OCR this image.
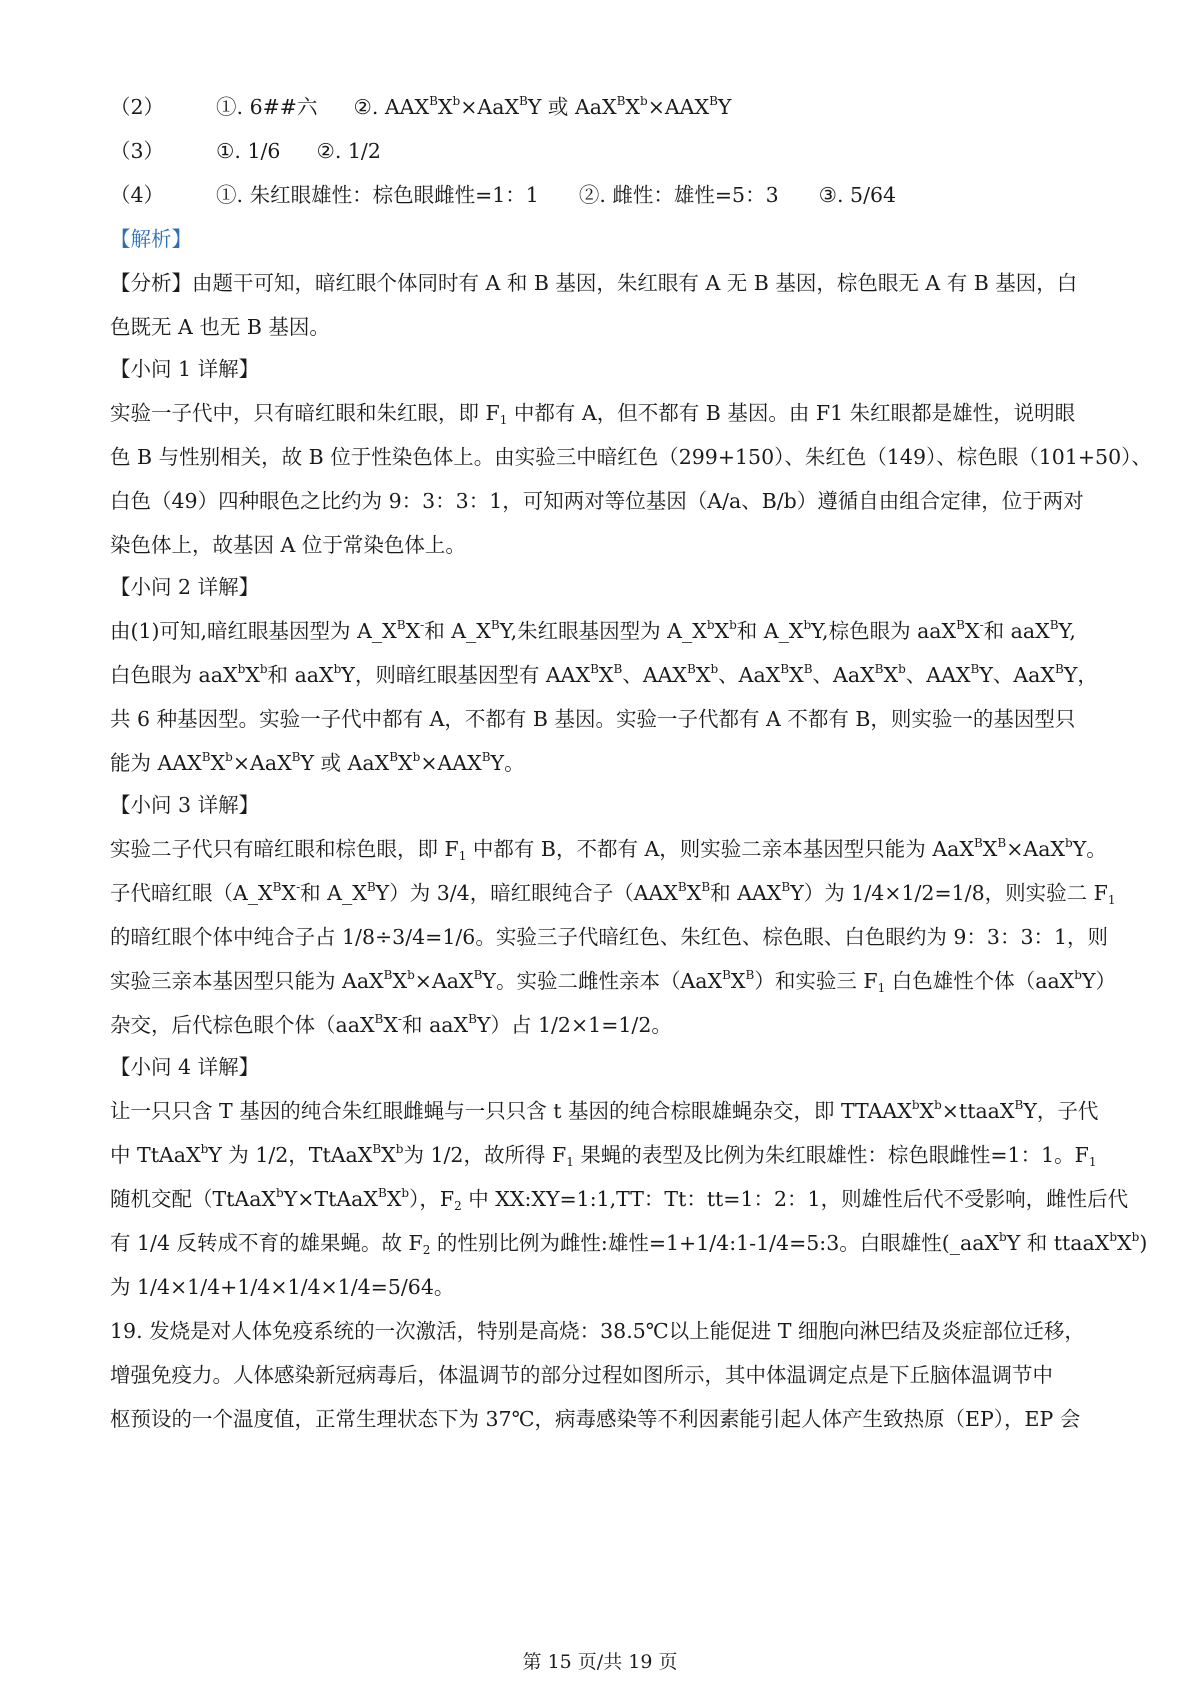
（2）	①. 6##六 ②. $AAX^BX^b\times AaX^BY$ 或 $AaX^BX^b\times AAX^BY$
（3）	①. 1/6 ②. 1/2
（4）	①. 朱红眼雄性：棕色眼雌性=1：1 ②. 雌性：雄性=5：3 ③. 5/64
【解析】
【分析】由题干可知，暗红眼个体同时有 A 和 B 基因，朱红眼有 A 无 B 基因，棕色眼无 A 有 B 基因，白
色既无 A 也无 B 基因。
【小问 1 详解】
实验一子代中，只有暗红眼和朱红眼，即 $F_1$ 中都有 A，但不都有 B 基因。由 F1 朱红眼都是雄性，说明眼
色 B 与性别相关，故 B 位于性染色体上。由实验三中暗红色（299+150）、朱红色（149）、棕色眼（101+50）、
白色（49）四种眼色之比约为 9：3：3：1，可知两对等位基因（A/a、B/b）遵循自由组合定律，位于两对
染色体上，故基因 A 位于常染色体上。
【小问 2 详解】
由(1)可知,暗红眼基因型为 $A\_X^BX^-$和 $A\_X^BY$,朱红眼基因型为 $A\_X^bX^b$和 $A\_X^bY$,棕色眼为 aaX$^B$X-和 aaX$^B$Y,
白色眼为 $aaX^bX^b$和 aaX$^b$Y，则暗红眼基因型有 $AAX^BX^B$、$AAX^BX^b$、$AaX^BX^B$、$AaX^BX^b$、$AAX^BY$、AaX$^B$Y，
共 6 种基因型。实验一子代中都有 A，不都有 B 基因。实验一子代都有 A 不都有 B，则实验一的基因型只
能为 $AAX^BX^b\times AaX^BY$ 或 $AaX^BX^b\times AAX^BY$。
【小问 3 详解】
实验二子代只有暗红眼和棕色眼，即 $F_1$ 中都有 B，不都有 A，则实验二亲本基因型只能为 $AaX^BX^B\times AaX^bY$。
子代暗红眼（$A\_X^BX^-$和 $A\_X^BY$）为 3/4，暗红眼纯合子（$AAX^BX^B$和 $AAX^BY$）为 1/4×1/2=1/8，则实验二 $F_1$
的暗红眼个体中纯合子占 1/8÷3/4=1/6。实验三子代暗红色、朱红色、棕色眼、白色眼约为 9：3：3：1，则
实验三亲本基因型只能为 $AaX^BX^b\times AaX^BY$。实验二雌性亲本$(AaX^BX^B)$和实验三 $F_1$ 白色雄性个体（aaX$^b$Y）
杂交，后代棕色眼个体（aaX$^B$X-和 aaX$^B$Y）占 1/2×1=1/2。
【小问 4 详解】
让一只只含 T 基因的纯合朱红眼雌蝇与一只只含 t 基因的纯合棕眼雄蝇杂交，即 $TTAAX^bX^b\times ttaaX^BY$，子代
中 TtAaX$^b$Y 为 1/2，$TtAaX^BX^b$为 1/2，故所得 $F_1$ 果蝇的表型及比例为朱红眼雄性：棕色眼雌性=1：1。$F_1$
随机交配$(TtAaX^bY\times TtAaX^BX^b)$，$F_2$ 中 XX:XY=1:1,TT：Tt：tt=1：2：1，则雄性后代不受影响，雌性后代
有 1/4 反转成不育的雄果蝇。故 $F_2$ 的性别比例为雌性:雄性=1+1/4:1-1/4=5:3。白眼雄性(_aaX$^b$Y 和 $ttaaX^bX^b$)
为 1/4×1/4+1/4×1/4×1/4=5/64。
19. 发烧是对人体免疫系统的一次激活，特别是高烧：38.5℃以上能促进 T 细胞向淋巴结及炎症部位迁移，
增强免疫力。人体感染新冠病毒后，体温调节的部分过程如图所示，其中体温调定点是下丘脑体温调节中
枢预设的一个温度值，正常生理状态下为 37℃，病毒感染等不利因素能引起人体产生致热原（EP），EP 会
第 15 页/共 19 页
